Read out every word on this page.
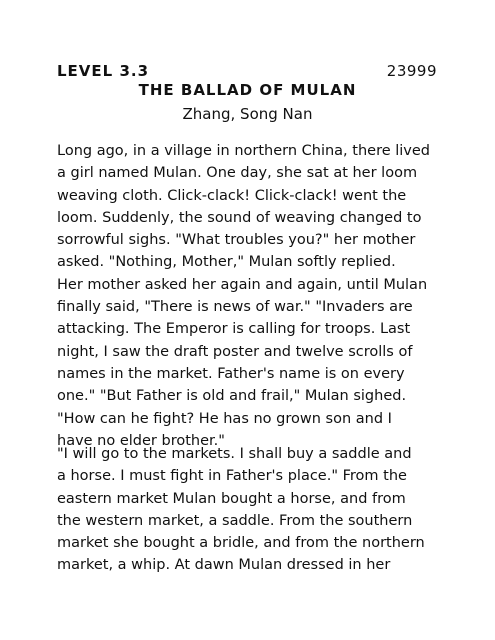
LEVEL 3.3	23999
THE BALLAD OF MULAN
Zhang, Song Nan
Long ago, in a village in northern China, there lived
a girl named Mulan. One day, she sat at her loom
weaving cloth. Click-clack! Click-clack! went the
loom. Suddenly, the sound of weaving changed to
sorrowful sighs. "What troubles you?" her mother
asked. "Nothing, Mother," Mulan softly replied.
Her mother asked her again and again, until Mulan
finally said, "There is news of war." "Invaders are
attacking. The Emperor is calling for troops. Last
night, I saw the draft poster and twelve scrolls of
names in the market. Father's name is on every
one." "But Father is old and frail," Mulan sighed.
"How can he fight? He has no grown son and I
have no elder brother."
"I will go to the markets. I shall buy a saddle and
a horse. I must fight in Father's place." From the
eastern market Mulan bought a horse, and from
the western market, a saddle. From the southern
market she bought a bridle, and from the northern
market, a whip. At dawn Mulan dressed in her
